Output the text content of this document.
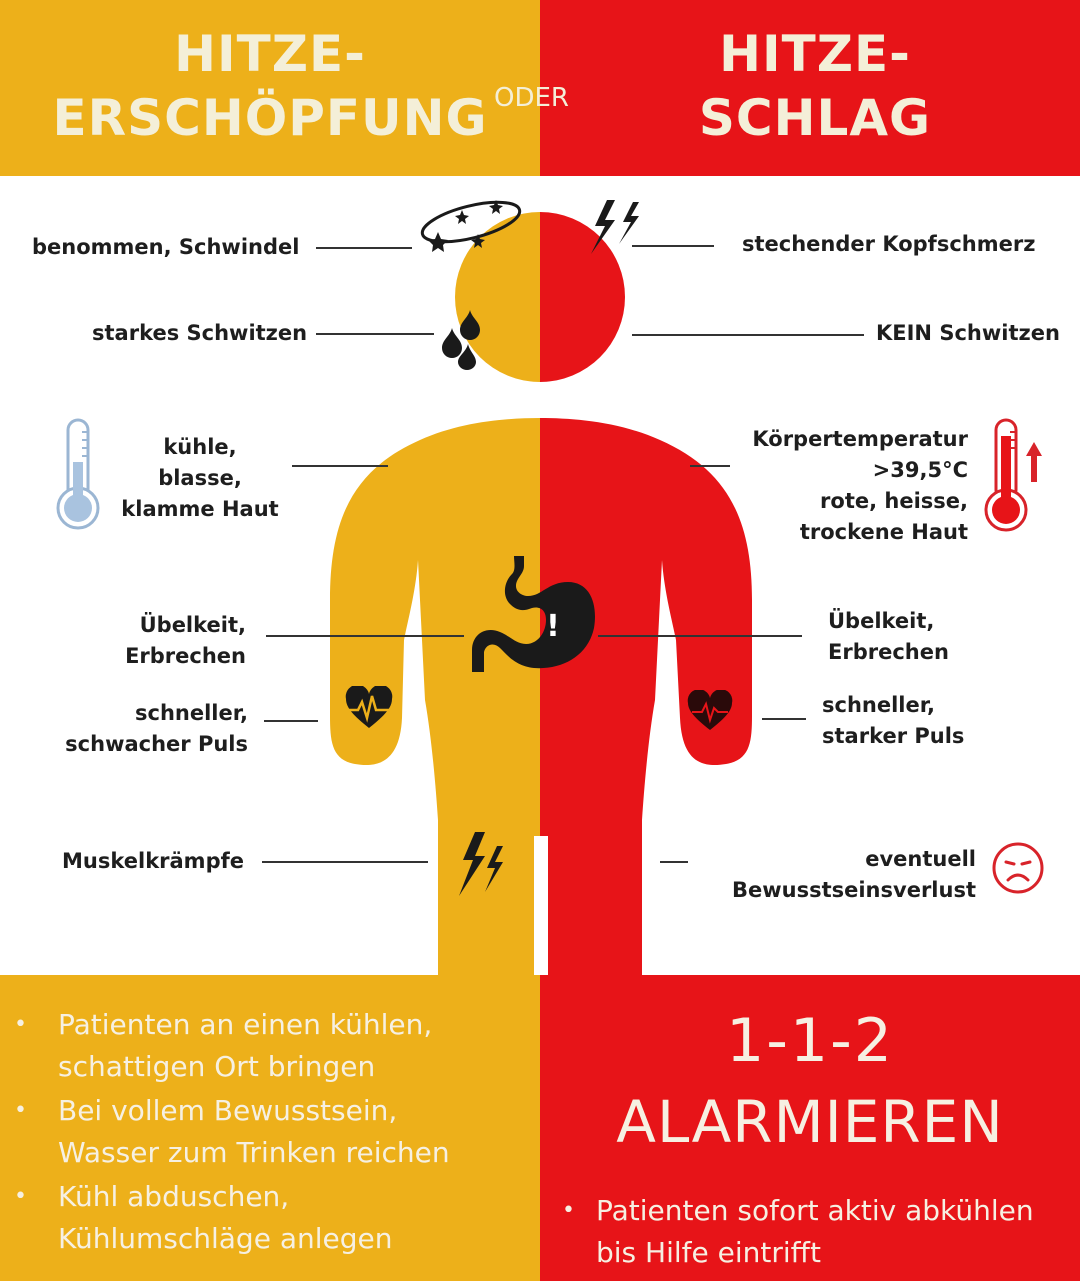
HITZE-
ERSCHÖPFUNG
HITZE-
SCHLAG
ODER
!
benommen, Schwindel
starkes Schwitzen
kühle,
blasse,
klamme Haut
Übelkeit,
Erbrechen
schneller,
schwacher Puls
Muskelkrämpfe
stechender Kopfschmerz
KEIN Schwitzen
Körpertemperatur
>39,5°C
rote, heisse,
trockene Haut
Übelkeit,
Erbrechen
schneller,
starker Puls
eventuell
Bewusstseinsverlust
• Patienten an einen kühlen,
schattigen Ort bringen
• Bei vollem Bewusstsein,
Wasser zum Trinken reichen
• Kühl abduschen,
Kühlumschläge anlegen
1-1-2
ALARMIEREN
• Patienten sofort aktiv abkühlen
bis Hilfe eintrifft
